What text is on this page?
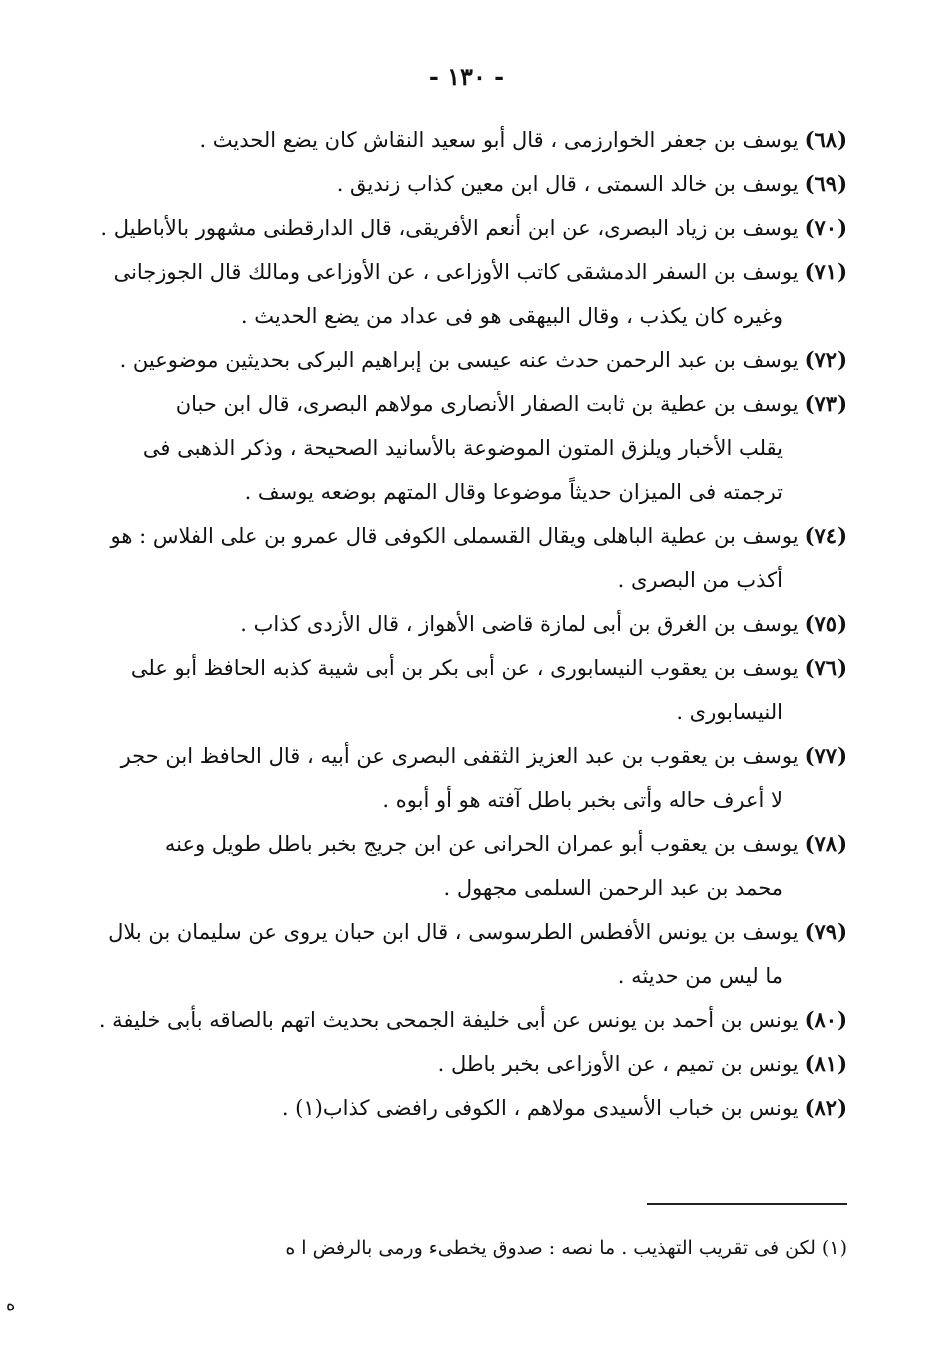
- ١٣٠ -
(٦٨)يوسف بن جعفر الخوارزمى ، قال أبو سعيد النقاش كان يضع الحديث .
(٦٩)يوسف بن خالد السمتى ، قال ابن معين كذاب زنديق .
(٧٠)يوسف بن زياد البصرى، عن ابن أنعم الأفريقى، قال الدارقطنى مشهور بالأباطيل .
(٧١)يوسف بن السفر الدمشقى كاتب الأوزاعى ، عن الأوزاعى ومالك قال الجوزجانى
وغيره كان يكذب ، وقال البيهقى هو فى عداد من يضع الحديث .
(٧٢)يوسف بن عبد الرحمن حدث عنه عيسى بن إبراهيم البركى بحديثين موضوعين .
(٧٣)يوسف بن عطية بن ثابت الصفار الأنصارى مولاهم البصرى، قال ابن حبان
يقلب الأخبار ويلزق المتون الموضوعة بالأسانيد الصحيحة ، وذكر الذهبى فى
ترجمته فى الميزان حديثاً موضوعا وقال المتهم بوضعه يوسف .
(٧٤)يوسف بن عطية الباهلى ويقال القسملى الكوفى قال عمرو بن على الفلاس : هو
أكذب من البصرى .
(٧٥)يوسف بن الغرق بن أبى لمازة قاضى الأهواز ، قال الأزدى كذاب .
(٧٦)يوسف بن يعقوب النيسابورى ، عن أبى بكر بن أبى شيبة كذبه الحافظ أبو على
النيسابورى .
(٧٧)يوسف بن يعقوب بن عبد العزيز الثقفى البصرى عن أبيه ، قال الحافظ ابن حجر
لا أعرف حاله وأتى بخبر باطل آفته هو أو أبوه .
(٧٨)يوسف بن يعقوب أبو عمران الحرانى عن ابن جريج بخبر باطل طويل وعنه
محمد بن عبد الرحمن السلمى مجهول .
(٧٩)يوسف بن يونس الأفطس الطرسوسى ، قال ابن حبان يروى عن سليمان بن بلال
ما ليس من حديثه .
(٨٠)يونس بن أحمد بن يونس عن أبى خليفة الجمحى بحديث اتهم بالصاقه بأبى خليفة .
(٨١)يونس بن تميم ، عن الأوزاعى بخبر باطل .
(٨٢)يونس بن خباب الأسيدى مولاهم ، الكوفى رافضى كذاب(١) .
(١) لكن فى تقريب التهذيب . ما نصه : صدوق يخطىء ورمى بالرفض ا ه
ه
